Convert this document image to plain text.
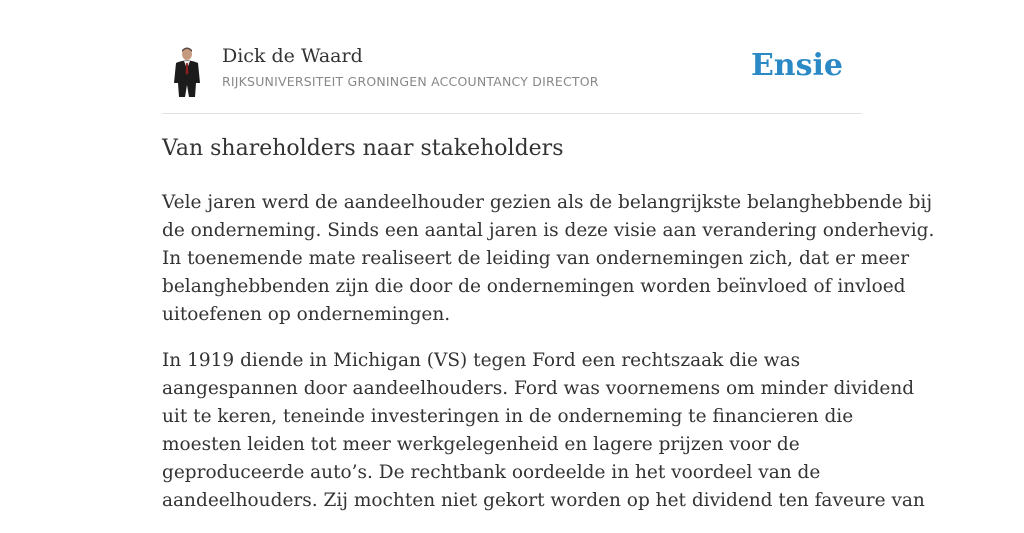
Dick de Waard
RIJKSUNIVERSITEIT GRONINGEN ACCOUNTANCY DIRECTOR	Ensie
Van shareholders naar stakeholders

Vele jaren werd de aandeelhouder gezien als de belangrijkste belanghebbende bij
de onderneming. Sinds een aantal jaren is deze visie aan verandering onderhevig.
In toenemende mate realiseert de leiding van ondernemingen zich, dat er meer
belanghebbenden zijn die door de ondernemingen worden beïnvloed of invloed
uitoefenen op ondernemingen.

In 1919 diende in Michigan (VS) tegen Ford een rechtszaak die was
aangespannen door aandeelhouders. Ford was voornemens om minder dividend
uit te keren, teneinde investeringen in de onderneming te financieren die
moesten leiden tot meer werkgelegenheid en lagere prijzen voor de
geproduceerde auto’s. De rechtbank oordeelde in het voordeel van de
aandeelhouders. Zij mochten niet gekort worden op het dividend ten faveure van
